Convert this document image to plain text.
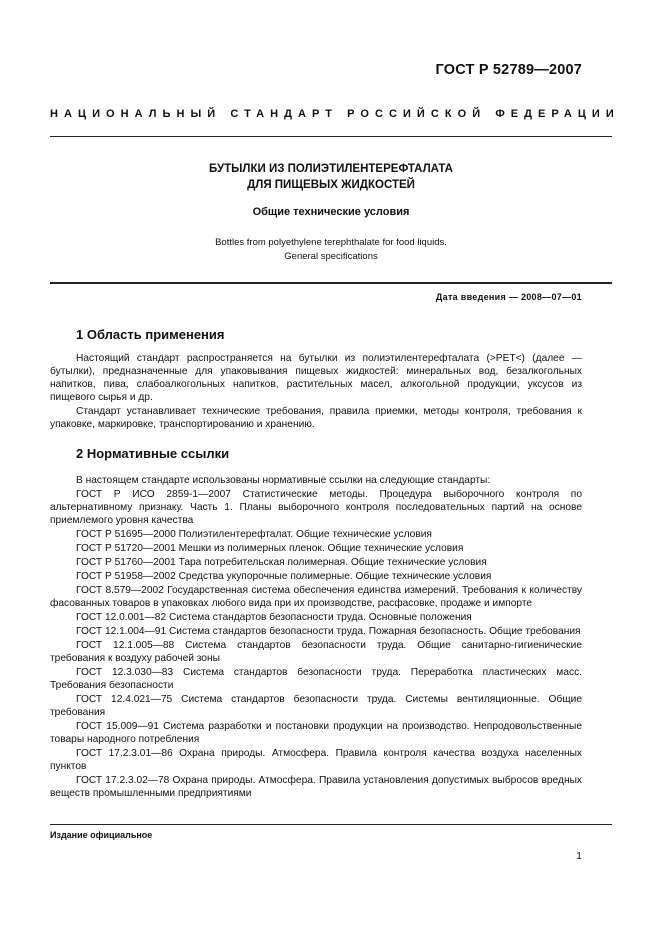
ГОСТ Р 52789—2007
НАЦИОНАЛЬНЫЙ СТАНДАРТ РОССИЙСКОЙ ФЕДЕРАЦИИ
БУТЫЛКИ ИЗ ПОЛИЭТИЛЕНТЕРЕФТАЛАТА
ДЛЯ ПИЩЕВЫХ ЖИДКОСТЕЙ
Общие технические условия
Bottles from polyethylene terephthalate for food liquids.
General specifications
Дата введения — 2008—07—01
1 Область применения

Настоящий стандарт распространяется на бутылки из полиэтилентерефталата (>PET<) (далее — бутылки), предназначенные для упаковывания пищевых жидкостей: минеральных вод, безалкогольных напитков, пива, слабоалкогольных напитков, растительных масел, алкогольной продукции, уксусов из пищевого сырья и др.

Стандарт устанавливает технические требования, правила приемки, методы контроля, требования к упаковке, маркировке, транспортированию и хранению.

2 Нормативные ссылки

В настоящем стандарте использованы нормативные ссылки на следующие стандарты:

ГОСТ Р ИСО 2859-1—2007 Статистические методы. Процедура выборочного контроля по альтернативному признаку. Часть 1. Планы выборочного контроля последовательных партий на основе приемлемого уровня качества

ГОСТ Р 51695—2000 Полиэтилентерефталат. Общие технические условия

ГОСТ Р 51720—2001 Мешки из полимерных пленок. Общие технические условия

ГОСТ Р 51760—2001 Тара потребительская полимерная. Общие технические условия

ГОСТ Р 51958—2002 Средства укупорочные полимерные. Общие технические условия

ГОСТ 8.579—2002 Государственная система обеспечения единства измерений. Требования к количеству фасованных товаров в упаковках любого вида при их производстве, расфасовке, продаже и импорте

ГОСТ 12.0.001—82 Система стандартов безопасности труда. Основные положения

ГОСТ 12.1.004—91 Система стандартов безопасности труда. Пожарная безопасность. Общие требования

ГОСТ 12.1.005—88 Система стандартов безопасности труда. Общие санитарно-гигиенические требования к воздуху рабочей зоны

ГОСТ 12.3.030—83 Система стандартов безопасности труда. Переработка пластических масс. Требования безопасности

ГОСТ 12.4.021—75 Система стандартов безопасности труда. Системы вентиляционные. Общие требования

ГОСТ 15.009—91 Система разработки и постановки продукции на производство. Непродовольственные товары народного потребления

ГОСТ 17.2.3.01—86 Охрана природы. Атмосфера. Правила контроля качества воздуха населенных пунктов

ГОСТ 17.2.3.02—78 Охрана природы. Атмосфера. Правила установления допустимых выбросов вредных веществ промышленными предприятиями

Издание официальное
1
